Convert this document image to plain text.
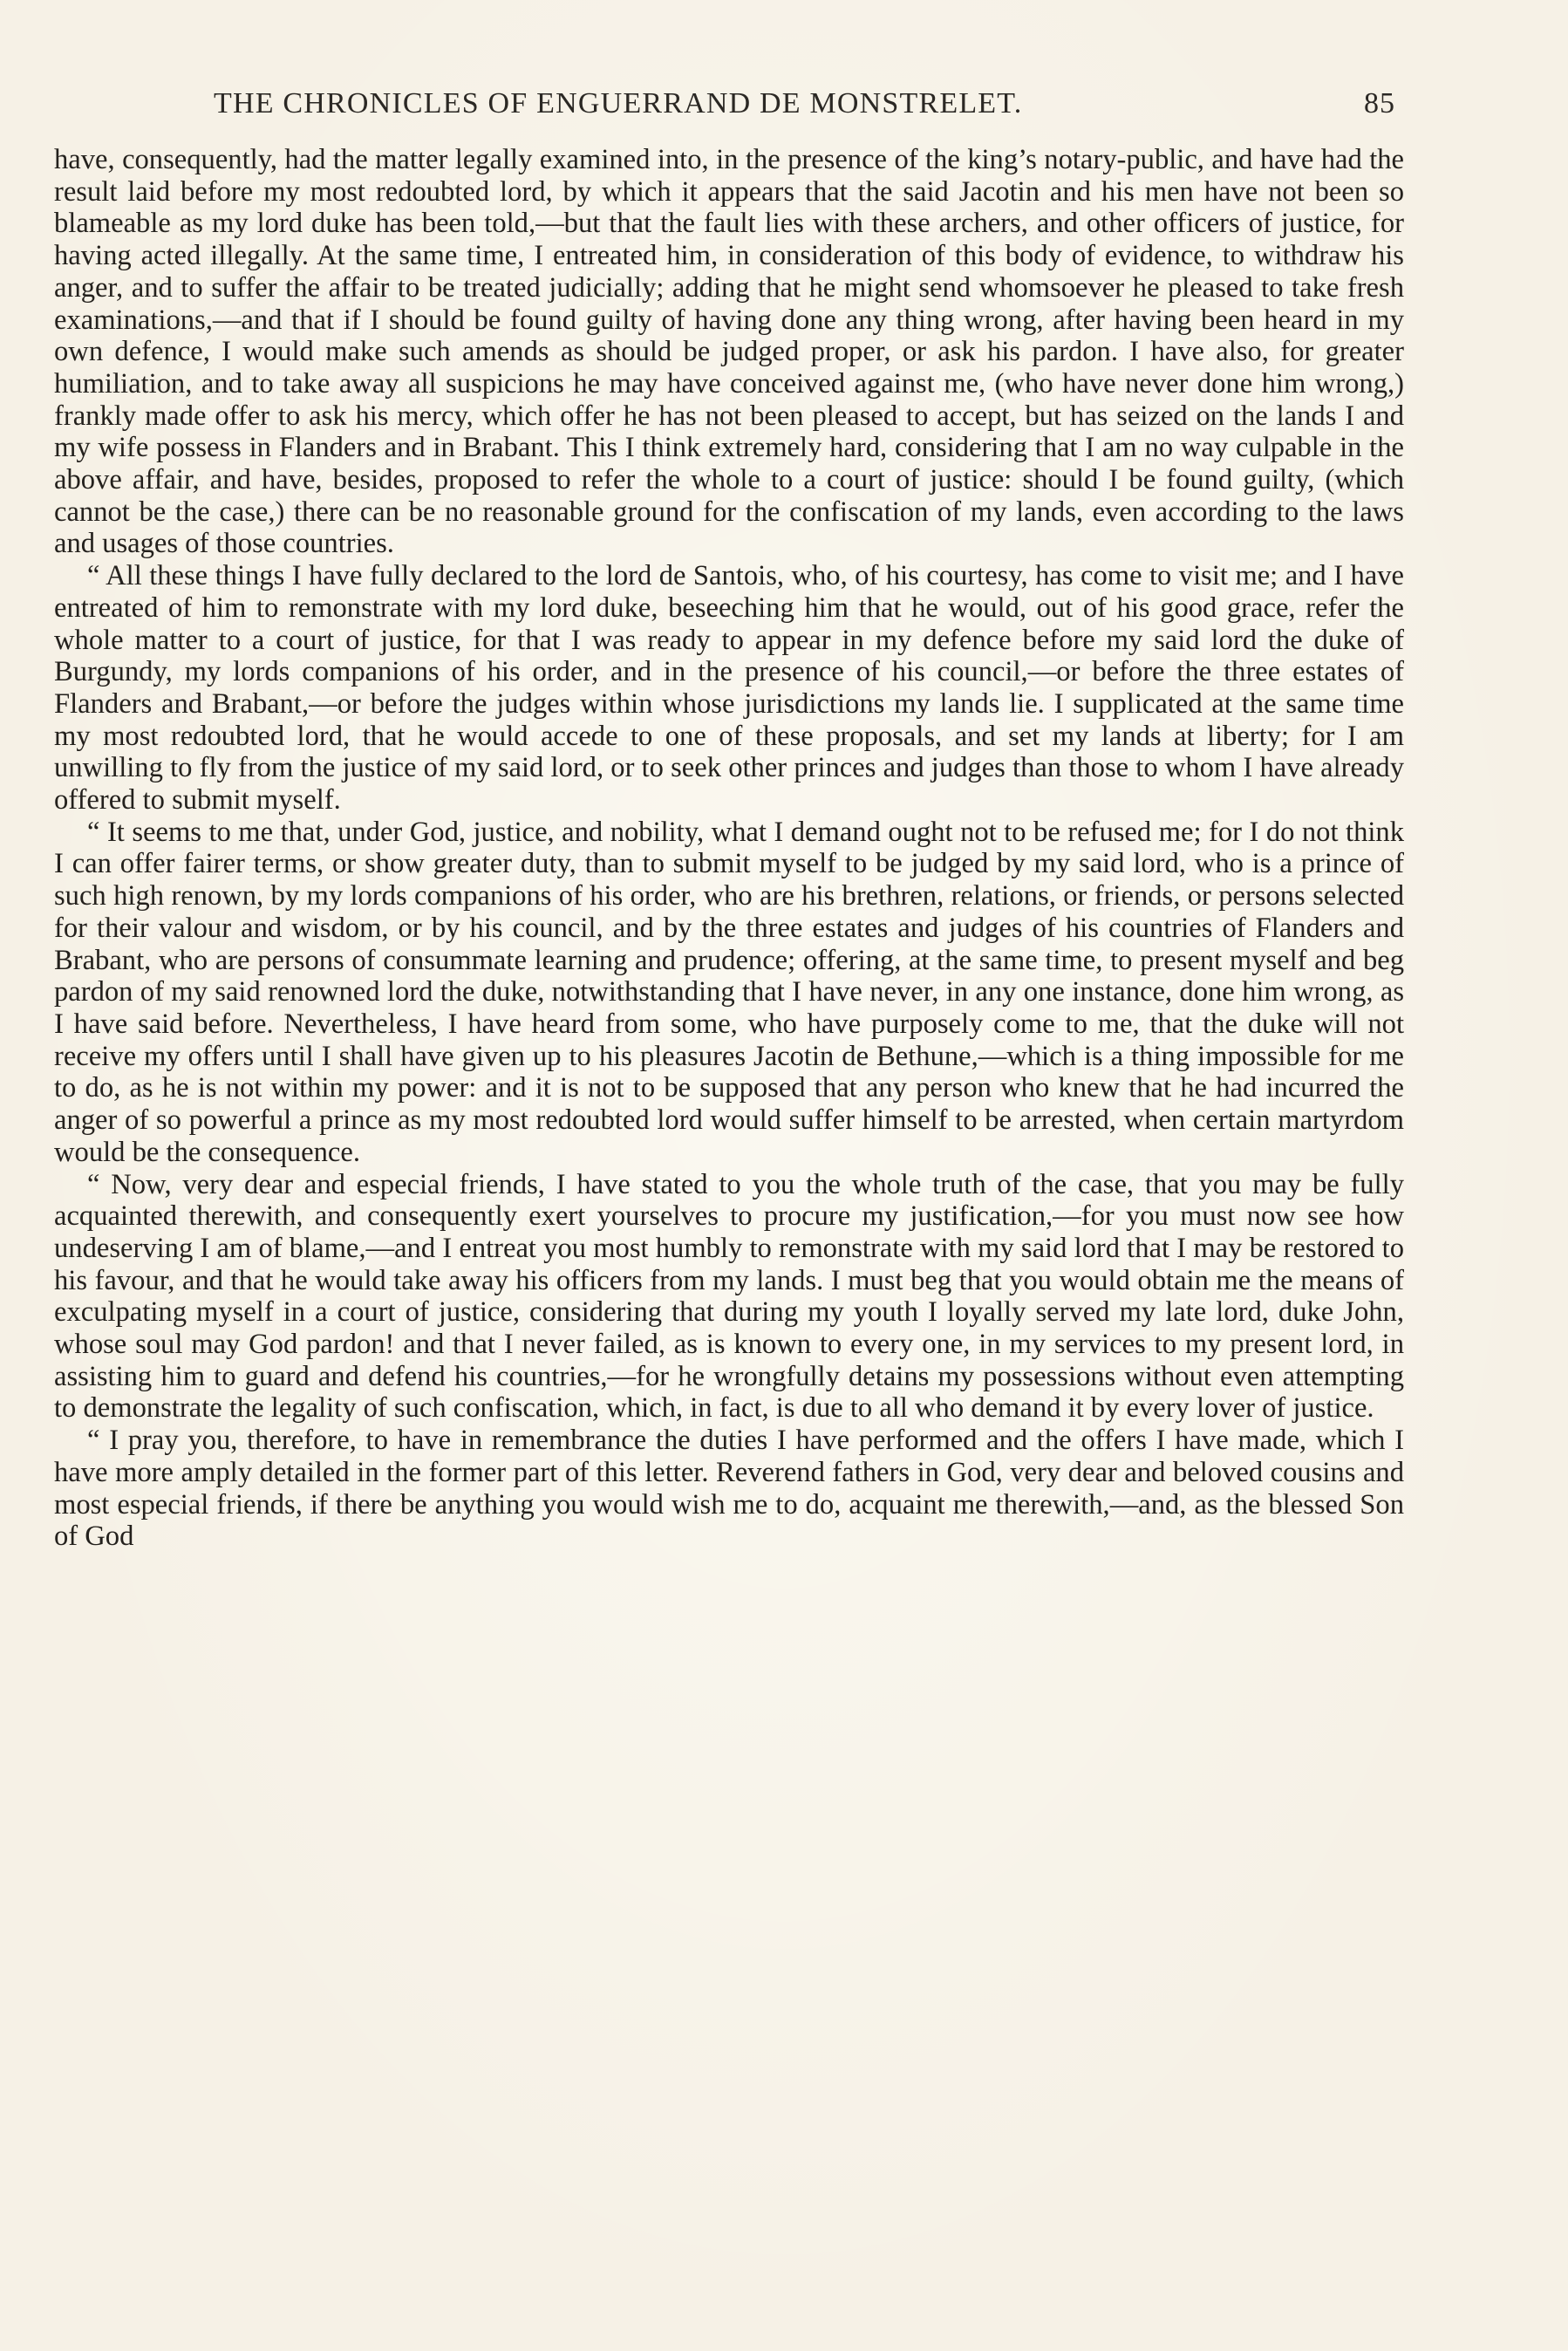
THE CHRONICLES OF ENGUERRAND DE MONSTRELET.	85

have, consequently, had the matter legally examined into, in the presence of the king’s notary-public, and have had the result laid before my most redoubted lord, by which it appears that the said Jacotin and his men have not been so blameable as my lord duke has been told,—but that the fault lies with these archers, and other officers of justice, for having acted illegally. At the same time, I entreated him, in consideration of this body of evidence, to withdraw his anger, and to suffer the affair to be treated judicially; adding that he might send whomsoever he pleased to take fresh examinations,—and that if I should be found guilty of having done any thing wrong, after having been heard in my own defence, I would make such amends as should be judged proper, or ask his pardon. I have also, for greater humiliation, and to take away all suspicions he may have conceived against me, (who have never done him wrong,) frankly made offer to ask his mercy, which offer he has not been pleased to accept, but has seized on the lands I and my wife possess in Flanders and in Brabant. This I think extremely hard, considering that I am no way culpable in the above affair, and have, besides, proposed to refer the whole to a court of justice: should I be found guilty, (which cannot be the case,) there can be no reasonable ground for the confiscation of my lands, even according to the laws and usages of those countries.

“ All these things I have fully declared to the lord de Santois, who, of his courtesy, has come to visit me; and I have entreated of him to remonstrate with my lord duke, beseeching him that he would, out of his good grace, refer the whole matter to a court of justice, for that I was ready to appear in my defence before my said lord the duke of Burgundy, my lords companions of his order, and in the presence of his council,—or before the three estates of Flanders and Brabant,—or before the judges within whose jurisdictions my lands lie. I supplicated at the same time my most redoubted lord, that he would accede to one of these proposals, and set my lands at liberty; for I am unwilling to fly from the justice of my said lord, or to seek other princes and judges than those to whom I have already offered to submit myself.

“ It seems to me that, under God, justice, and nobility, what I demand ought not to be refused me; for I do not think I can offer fairer terms, or show greater duty, than to submit myself to be judged by my said lord, who is a prince of such high renown, by my lords companions of his order, who are his brethren, relations, or friends, or persons selected for their valour and wisdom, or by his council, and by the three estates and judges of his countries of Flanders and Brabant, who are persons of consummate learning and prudence; offering, at the same time, to present myself and beg pardon of my said renowned lord the duke, notwithstanding that I have never, in any one instance, done him wrong, as I have said before. Nevertheless, I have heard from some, who have purposely come to me, that the duke will not receive my offers until I shall have given up to his pleasures Jacotin de Bethune,—which is a thing impossible for me to do, as he is not within my power: and it is not to be supposed that any person who knew that he had incurred the anger of so powerful a prince as my most redoubted lord would suffer himself to be arrested, when certain martyrdom would be the consequence.

“ Now, very dear and especial friends, I have stated to you the whole truth of the case, that you may be fully acquainted therewith, and consequently exert yourselves to procure my justification,—for you must now see how undeserving I am of blame,—and I entreat you most humbly to remonstrate with my said lord that I may be restored to his favour, and that he would take away his officers from my lands. I must beg that you would obtain me the means of exculpating myself in a court of justice, considering that during my youth I loyally served my late lord, duke John, whose soul may God pardon! and that I never failed, as is known to every one, in my services to my present lord, in assisting him to guard and defend his countries,—for he wrongfully detains my possessions without even attempting to demonstrate the legality of such confiscation, which, in fact, is due to all who demand it by every lover of justice.

“ I pray you, therefore, to have in remembrance the duties I have performed and the offers I have made, which I have more amply detailed in the former part of this letter. Reverend fathers in God, very dear and beloved cousins and most especial friends, if there be anything you would wish me to do, acquaint me therewith,—and, as the blessed Son of God
